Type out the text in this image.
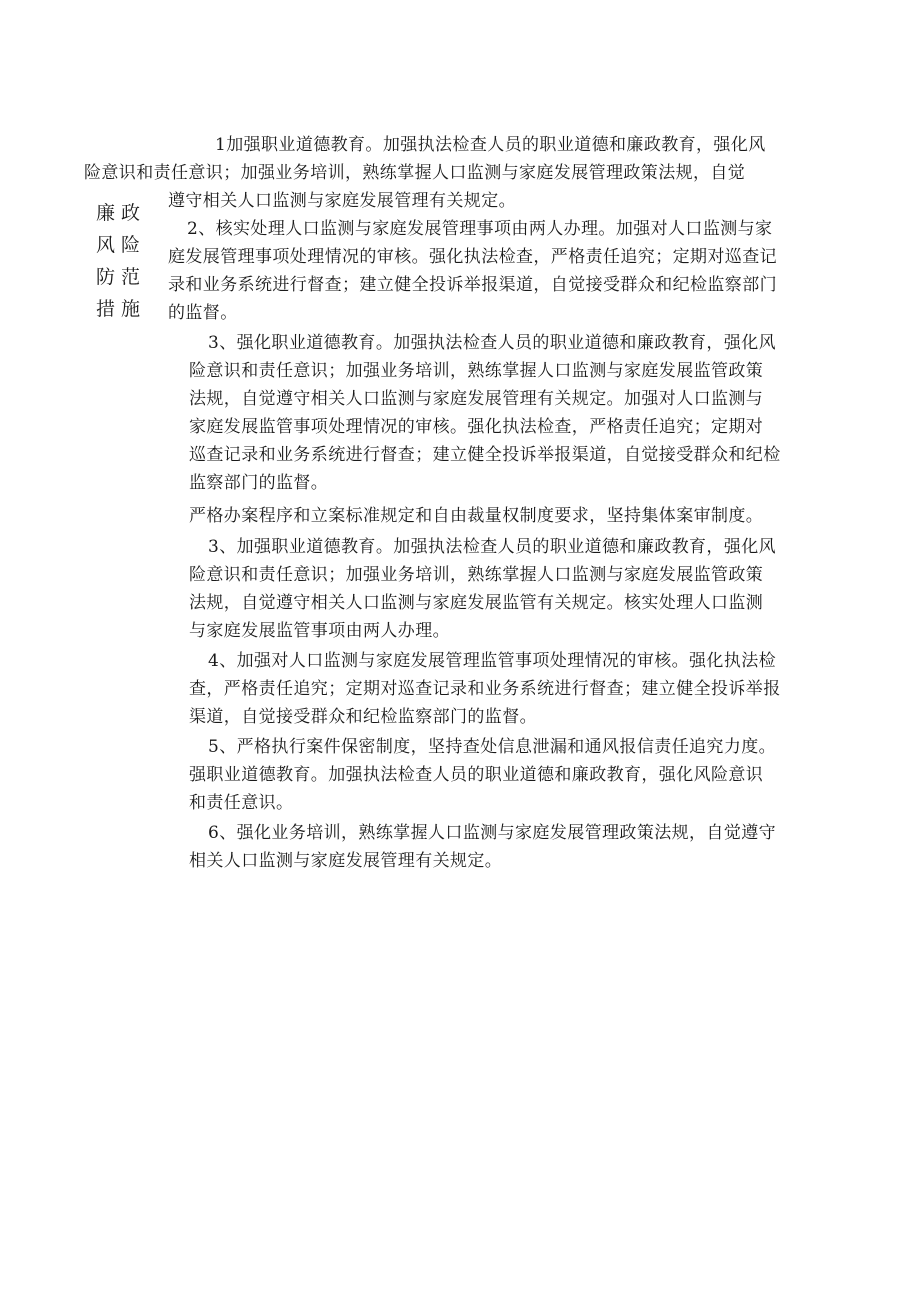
廉政
风险
防范
措施
1加强职业道德教育。加强执法检查人员的职业道德和廉政教育，强化风
险意识和责任意识；加强业务培训，熟练掌握人口监测与家庭发展管理政策法规，自觉
遵守相关人口监测与家庭发展管理有关规定。
2、核实处理人口监测与家庭发展管理事项由两人办理。加强对人口监测与家
庭发展管理事项处理情况的审核。强化执法检查，严格责任追究；定期对巡查记
录和业务系统进行督查；建立健全投诉举报渠道，自觉接受群众和纪检监察部门
的监督。
3、强化职业道德教育。加强执法检查人员的职业道德和廉政教育，强化风
险意识和责任意识；加强业务培训，熟练掌握人口监测与家庭发展监管政策
法规，自觉遵守相关人口监测与家庭发展管理有关规定。加强对人口监测与
家庭发展监管事项处理情况的审核。强化执法检查，严格责任追究；定期对
巡查记录和业务系统进行督查；建立健全投诉举报渠道，自觉接受群众和纪检
监察部门的监督。
严格办案程序和立案标准规定和自由裁量权制度要求，坚持集体案审制度。
3、加强职业道德教育。加强执法检查人员的职业道德和廉政教育，强化风
险意识和责任意识；加强业务培训，熟练掌握人口监测与家庭发展监管政策
法规，自觉遵守相关人口监测与家庭发展监管有关规定。核实处理人口监测
与家庭发展监管事项由两人办理。
4、加强对人口监测与家庭发展管理监管事项处理情况的审核。强化执法检
查，严格责任追究；定期对巡查记录和业务系统进行督查；建立健全投诉举报
渠道，自觉接受群众和纪检监察部门的监督。
5、严格执行案件保密制度，坚持查处信息泄漏和通风报信责任追究力度。
强职业道德教育。加强执法检查人员的职业道德和廉政教育，强化风险意识
和责任意识。
6、强化业务培训，熟练掌握人口监测与家庭发展管理政策法规，自觉遵守
相关人口监测与家庭发展管理有关规定。
